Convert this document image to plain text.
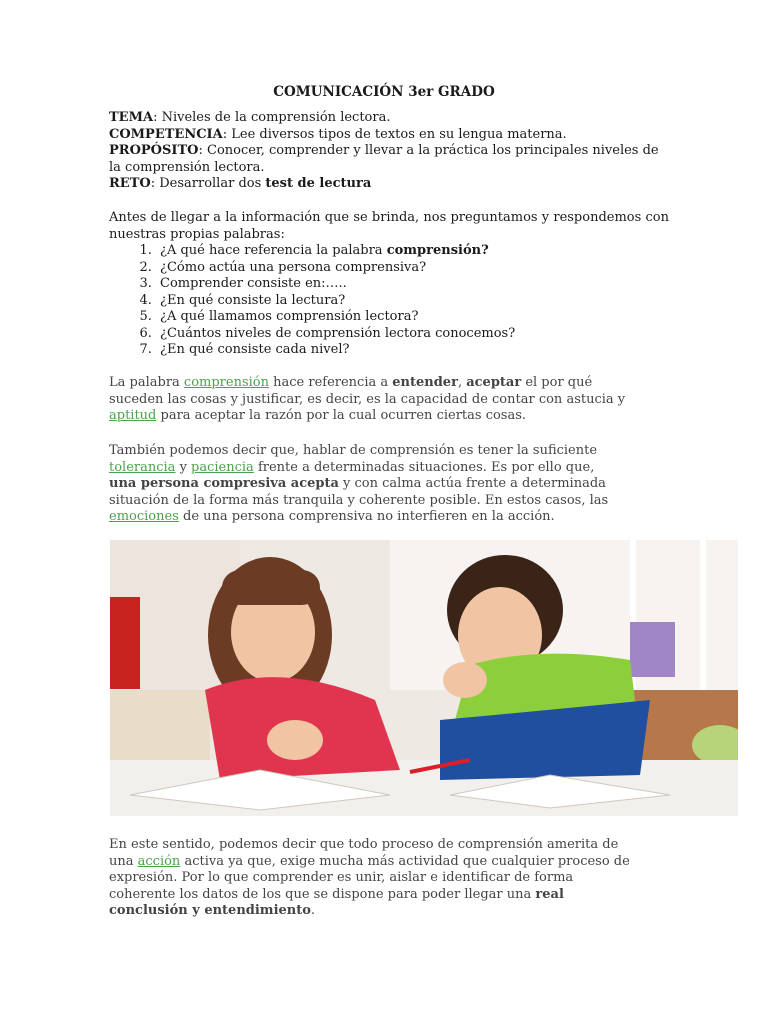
COMUNICACIÓN 3er GRADO
TEMA: Niveles de la comprensión lectora.
COMPETENCIA: Lee diversos tipos de textos en su lengua materna.
PROPÓSITO: Conocer, comprender y llevar a la práctica los principales niveles de la comprensión lectora.
RETO: Desarrollar dos test de lectura
Antes de llegar a la información que se brinda, nos preguntamos y respondemos con nuestras propias palabras:
1. ¿A qué hace referencia la palabra comprensión?
2. ¿Cómo actúa una persona comprensiva?
3. Comprender consiste en:…..
4. ¿En qué consiste la lectura?
5. ¿A qué llamamos comprensión lectora?
6. ¿Cuántos niveles de comprensión lectora conocemos?
7. ¿En qué consiste cada nivel?
La palabra comprensión hace referencia a entender, aceptar el por qué suceden las cosas y justificar, es decir, es la capacidad de contar con astucia y aptitud para aceptar la razón por la cual ocurren ciertas cosas.
También podemos decir que, hablar de comprensión es tener la suficiente tolerancia y paciencia frente a determinadas situaciones. Es por ello que, una persona compresiva acepta y con calma actúa frente a determinada situación de la forma más tranquila y coherente posible. En estos casos, las emociones de una persona comprensiva no interfieren en la acción.
En este sentido, podemos decir que todo proceso de comprensión amerita de una acción activa ya que, exige mucha más actividad que cualquier proceso de expresión. Por lo que comprender es unir, aislar e identificar de forma coherente los datos de los que se dispone para poder llegar una real conclusión y entendimiento.
